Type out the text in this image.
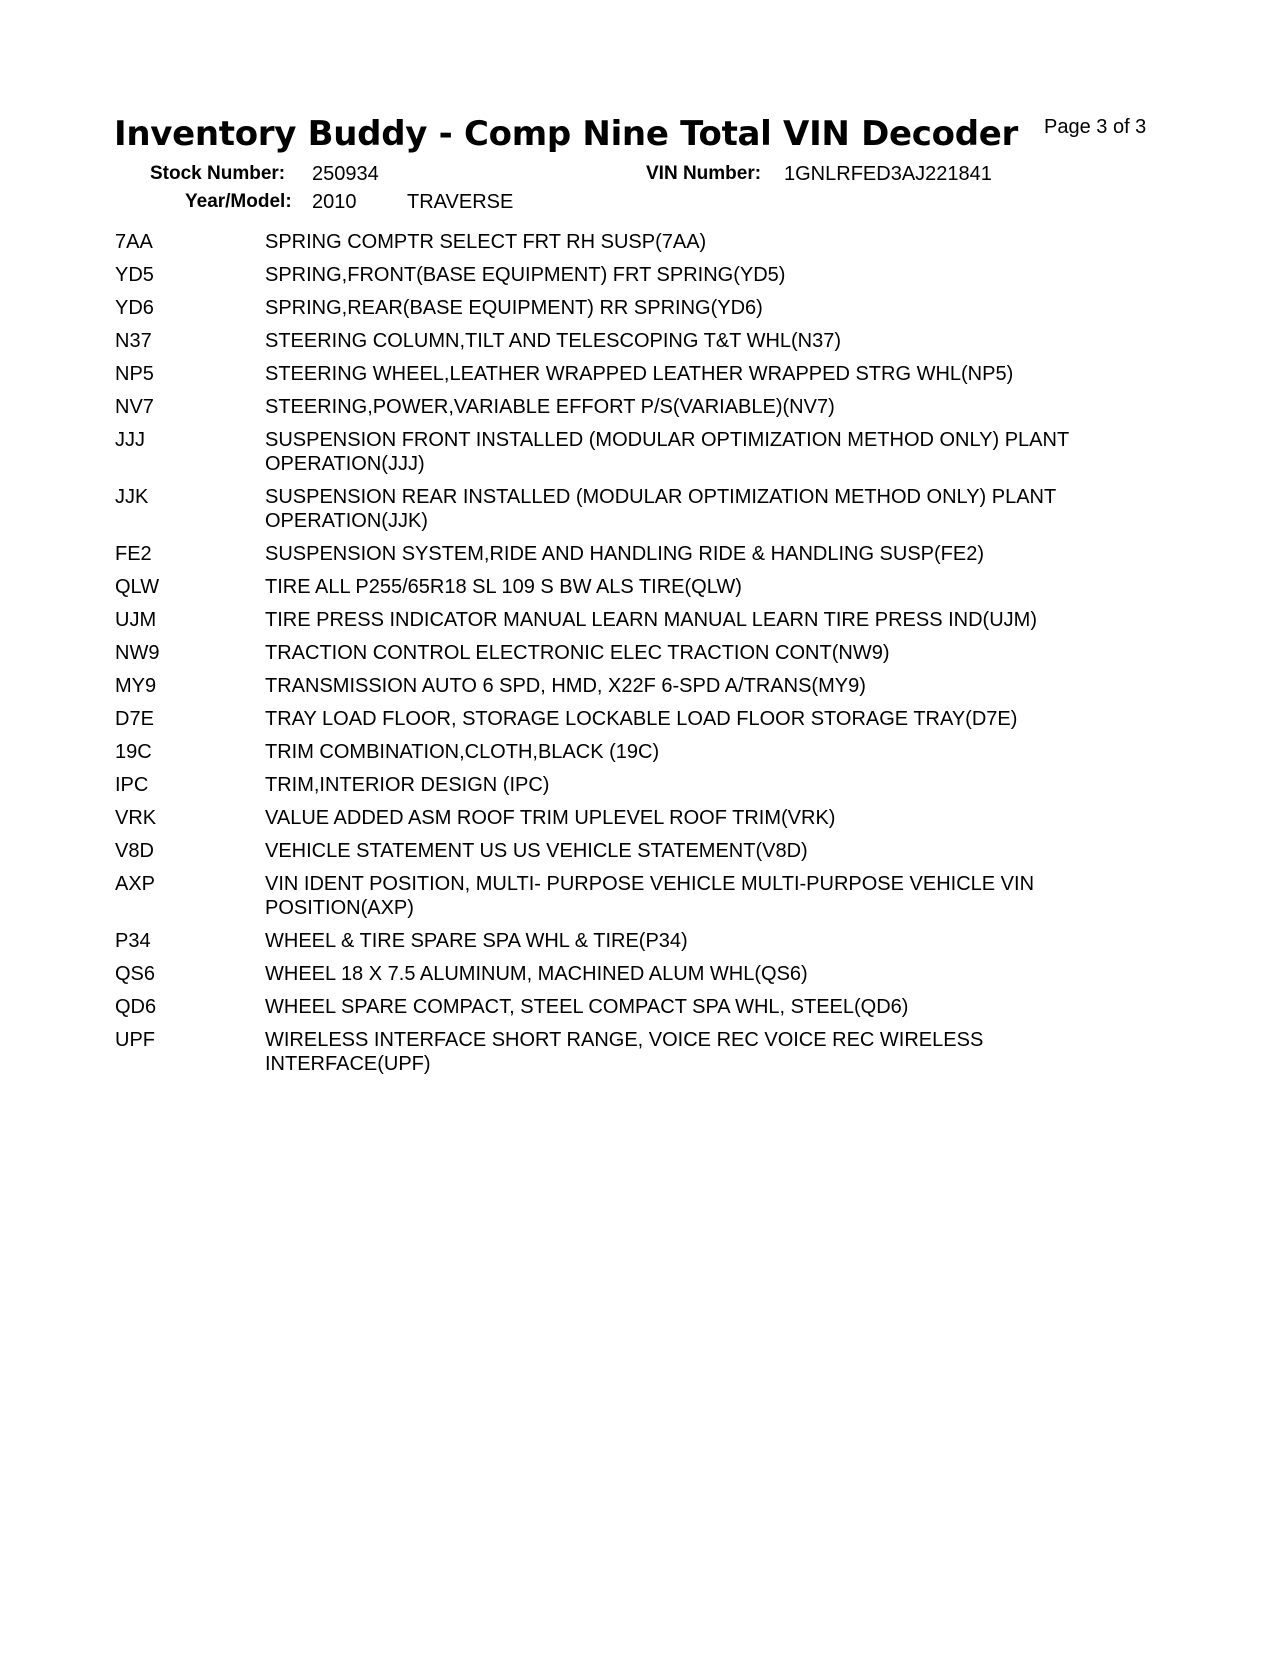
Inventory Buddy - Comp Nine Total VIN Decoder Page 3 of 3
Stock Number: 250934	VIN Number: 1GNLRFED3AJ221841
Year/Model: 2010	TRAVERSE
7AA	SPRING COMPTR SELECT FRT RH SUSP(7AA)
YD5	SPRING,FRONT(BASE EQUIPMENT) FRT SPRING(YD5)
YD6	SPRING,REAR(BASE EQUIPMENT) RR SPRING(YD6)
N37	STEERING COLUMN,TILT AND TELESCOPING T&T WHL(N37)
NP5	STEERING WHEEL,LEATHER WRAPPED LEATHER WRAPPED STRG WHL(NP5)
NV7	STEERING,POWER,VARIABLE EFFORT P/S(VARIABLE)(NV7)
JJJ	SUSPENSION FRONT INSTALLED (MODULAR OPTIMIZATION METHOD ONLY) PLANT OPERATION(JJJ)
JJK	SUSPENSION REAR INSTALLED (MODULAR OPTIMIZATION METHOD ONLY) PLANT OPERATION(JJK)
FE2	SUSPENSION SYSTEM,RIDE AND HANDLING RIDE & HANDLING SUSP(FE2)
QLW	TIRE ALL P255/65R18 SL 109 S BW ALS TIRE(QLW)
UJM	TIRE PRESS INDICATOR MANUAL LEARN MANUAL LEARN TIRE PRESS IND(UJM)
NW9	TRACTION CONTROL ELECTRONIC ELEC TRACTION CONT(NW9)
MY9	TRANSMISSION AUTO 6 SPD, HMD, X22F 6-SPD A/TRANS(MY9)
D7E	TRAY LOAD FLOOR, STORAGE LOCKABLE LOAD FLOOR STORAGE TRAY(D7E)
19C	TRIM COMBINATION,CLOTH,BLACK (19C)
IPC	TRIM,INTERIOR DESIGN (IPC)
VRK	VALUE ADDED ASM ROOF TRIM UPLEVEL ROOF TRIM(VRK)
V8D	VEHICLE STATEMENT US US VEHICLE STATEMENT(V8D)
AXP	VIN IDENT POSITION, MULTI- PURPOSE VEHICLE MULTI-PURPOSE VEHICLE VIN POSITION(AXP)
P34	WHEEL & TIRE SPARE SPA WHL & TIRE(P34)
QS6	WHEEL 18 X 7.5 ALUMINUM, MACHINED ALUM WHL(QS6)
QD6	WHEEL SPARE COMPACT, STEEL COMPACT SPA WHL, STEEL(QD6)
UPF	WIRELESS INTERFACE SHORT RANGE, VOICE REC VOICE REC WIRELESS INTERFACE(UPF)
